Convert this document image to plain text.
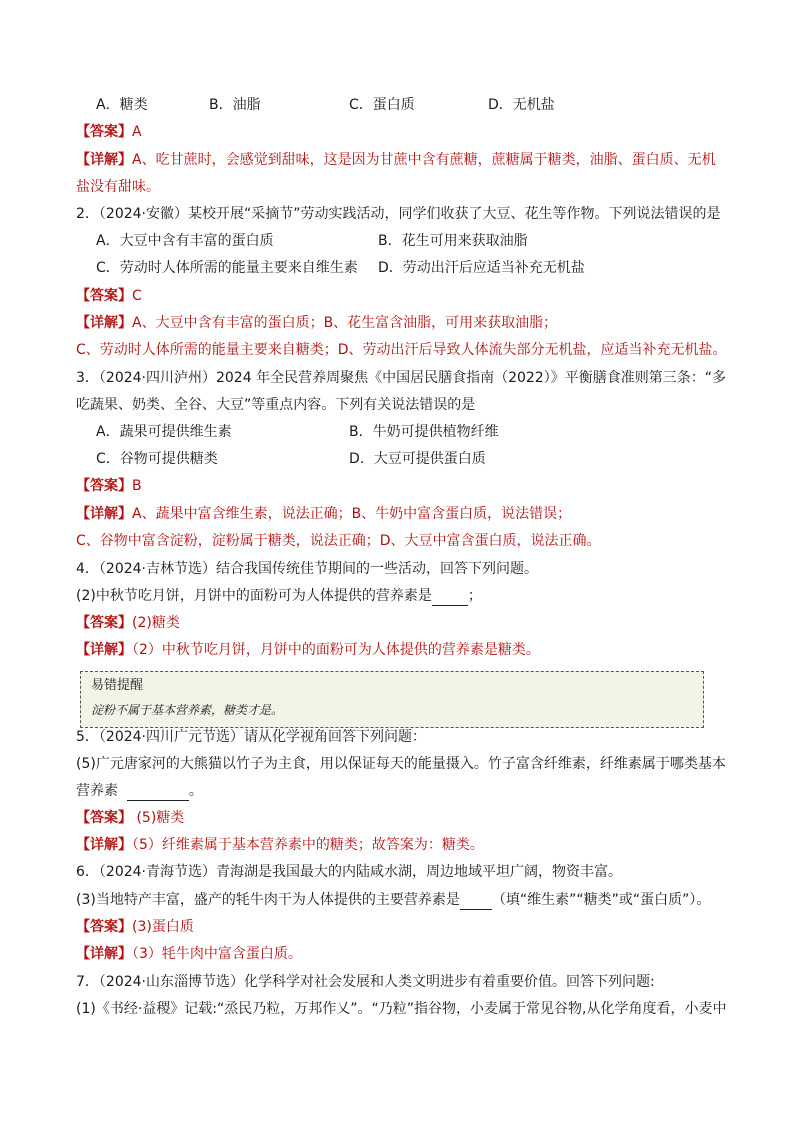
A．糖类	B．油脂	C．蛋白质	D．无机盐
【答案】A
【详解】A、吃甘蔗时，会感觉到甜味，这是因为甘蔗中含有蔗糖，蔗糖属于糖类，油脂、蛋白质、无机
盐没有甜味。
2．（2024·安徽）某校开展“采摘节”劳动实践活动，同学们收获了大豆、花生等作物。下列说法错误的是
A．大豆中含有丰富的蛋白质	B．花生可用来获取油脂
C．劳动时人体所需的能量主要来自维生素 D．劳动出汗后应适当补充无机盐
【答案】C
【详解】A、大豆中含有丰富的蛋白质；B、花生富含油脂，可用来获取油脂；
C、劳动时人体所需的能量主要来自糖类；D、劳动出汗后导致人体流失部分无机盐，应适当补充无机盐。
3．（2024·四川泸州）2024 年全民营养周聚焦《中国居民膳食指南（2022）》平衡膳食准则第三条：“多
吃蔬果、奶类、全谷、大豆”等重点内容。下列有关说法错误的是
A．蔬果可提供维生素	B．牛奶可提供植物纤维
C．谷物可提供糖类	D．大豆可提供蛋白质
【答案】B
【详解】A、蔬果中富含维生素，说法正确；B、牛奶中富含蛋白质，说法错误；
C、谷物中富含淀粉，淀粉属于糖类，说法正确；D、大豆中富含蛋白质，说法正确。
4．（2024·吉林节选）结合我国传统佳节期间的一些活动，回答下列问题。
(2)中秋节吃月饼，月饼中的面粉可为人体提供的营养素是	；
【答案】(2)糖类
【详解】（2）中秋节吃月饼，月饼中的面粉可为人体提供的营养素是糖类。
易错提醒
淀粉不属于基本营养素，糖类才是。
5．（2024·四川广元节选）请从化学视角回答下列问题：
(5)广元唐家河的大熊猫以竹子为主食，用以保证每天的能量摄入。竹子富含纤维素，纤维素属于哪类基本
营养素	。
【答案】 (5)糖类
【详解】（5）纤维素属于基本营养素中的糖类；故答案为：糖类。
6．（2024·青海节选）青海湖是我国最大的内陆咸水湖，周边地域平坦广阔，物资丰富。
(3)当地特产丰富，盛产的牦牛肉干为人体提供的主要营养素是 （填“维生素”“糖类”或“蛋白质”）。
【答案】(3)蛋白质
【详解】（3）牦牛肉中富含蛋白质。
7．（2024·山东淄博节选）化学科学对社会发展和人类文明进步有着重要价值。回答下列问题:
(1)《书经·益稷》记载:“烝民乃粒，万邦作乂”。“乃粒”指谷物，小麦属于常见谷物,从化学角度看，小麦中
